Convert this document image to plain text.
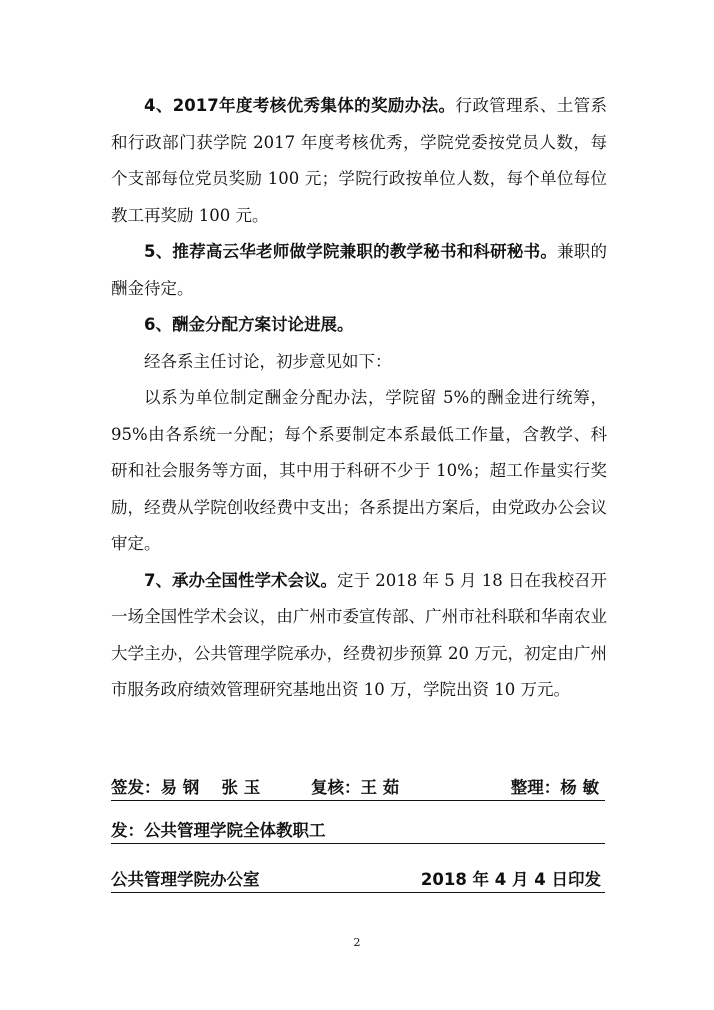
4、2017年度考核优秀集体的奖励办法。行政管理系、土管系和行政部门获学院 2017 年度考核优秀，学院党委按党员人数，每个支部每位党员奖励 100 元；学院行政按单位人数，每个单位每位教工再奖励 100 元。

5、推荐高云华老师做学院兼职的教学秘书和科研秘书。兼职的酬金待定。

6、酬金分配方案讨论进展。

经各系主任讨论，初步意见如下：

以系为单位制定酬金分配办法，学院留 5%的酬金进行统筹，95%由各系统一分配；每个系要制定本系最低工作量，含教学、科研和社会服务等方面，其中用于科研不少于 10%；超工作量实行奖励，经费从学院创收经费中支出；各系提出方案后，由党政办公会议审定。

7、承办全国性学术会议。定于 2018 年 5 月 18 日在我校召开一场全国性学术会议，由广州市委宣传部、广州市社科联和华南农业大学主办，公共管理学院承办，经费初步预算 20 万元，初定由广州市服务政府绩效管理研究基地出资 10 万，学院出资 10 万元。

签发：易 钢　 张 玉	复核：王 茹	整理：杨 敏
发：公共管理学院全体教职工
公共管理学院办公室	2018 年 4 月 4 日印发
2
